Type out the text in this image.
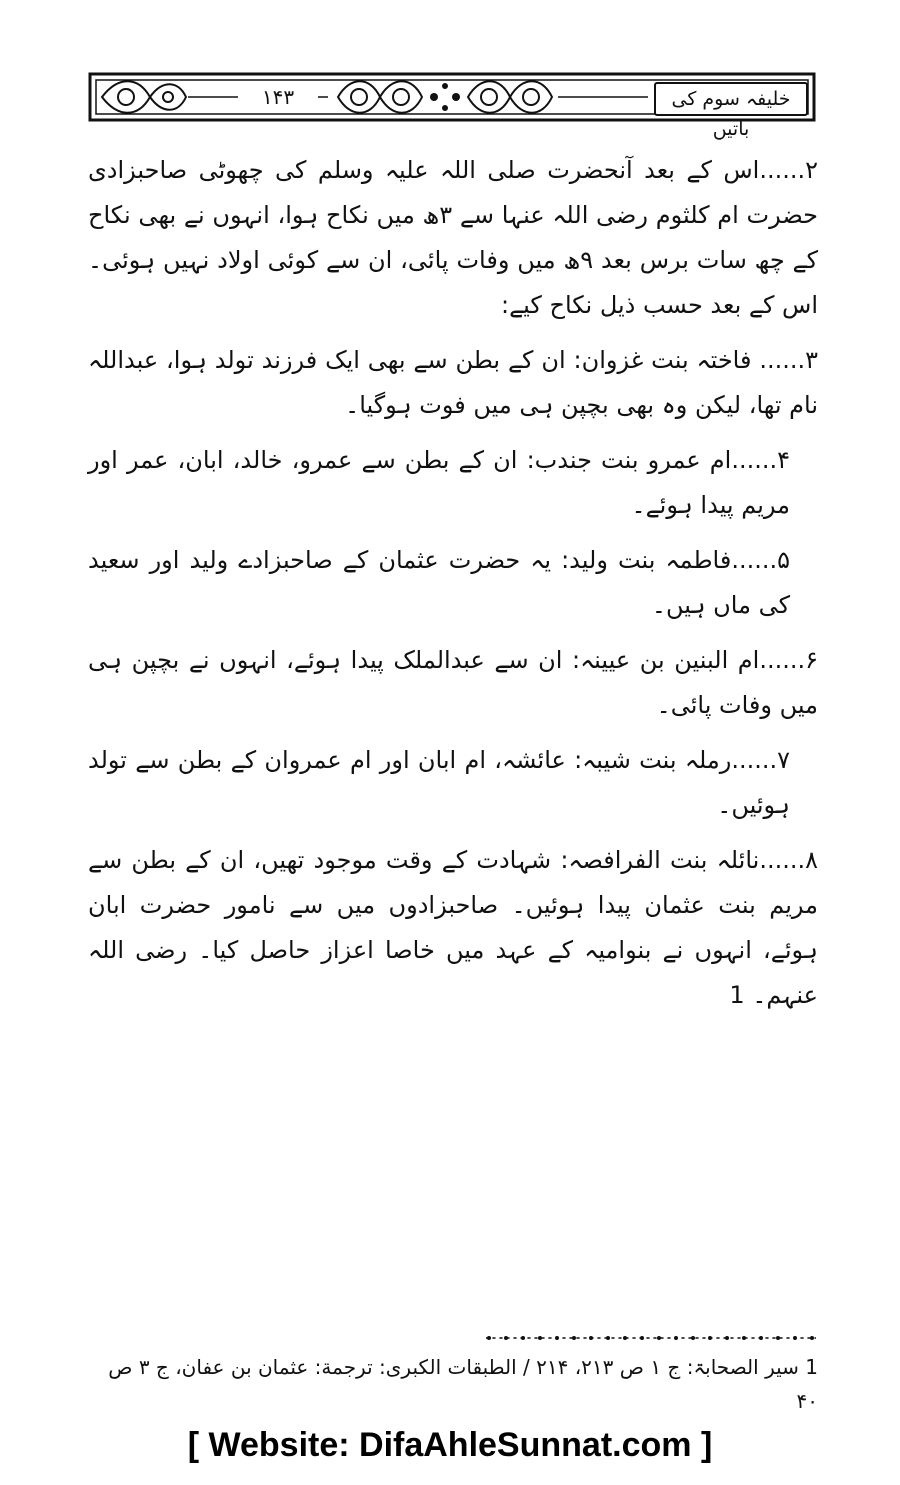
۱۴۳	خلیفہ سوم کی باتیں

۲......اس کے بعد آنحضرت صلی اللہ علیہ وسلم کی چھوٹی صاحبزادی حضرت ام کلثوم رضی اللہ عنہا سے ۳ھ میں نکاح ہوا، انہوں نے بھی نکاح کے چھ سات برس بعد ۹ھ میں وفات پائی، ان سے کوئی اولاد نہیں ہوئی۔ اس کے بعد حسب ذیل نکاح کیے:

۳...... فاختہ بنت غزوان: ان کے بطن سے بھی ایک فرزند تولد ہوا، عبداللہ نام تھا، لیکن وہ بھی بچپن ہی میں فوت ہوگیا۔

۴......ام عمرو بنت جندب: ان کے بطن سے عمرو، خالد، ابان، عمر اور مریم پیدا ہوئے۔

۵......فاطمہ بنت ولید: یہ حضرت عثمان کے صاحبزادے ولید اور سعید کی ماں ہیں۔

۶......ام البنین بن عیینہ: ان سے عبدالملک پیدا ہوئے، انہوں نے بچپن ہی میں وفات پائی۔

۷......رملہ بنت شیبہ: عائشہ، ام ابان اور ام عمروان کے بطن سے تولد ہوئیں۔

۸......نائلہ بنت الفرافصہ: شہادت کے وقت موجود تھیں، ان کے بطن سے مریم بنت عثمان پیدا ہوئیں۔ صاحبزادوں میں سے نامور حضرت ابان ہوئے، انہوں نے بنوامیہ کے عہد میں خاصا اعزاز حاصل کیا۔ رضی اللہ عنہم۔ 1

1 سیر الصحابۃ: ج ۱ ص ۲۱۳، ۲۱۴ / الطبقات الكبرى: ترجمة: عثمان بن عفان، ج ۳ ص ۴۰
[ Website: DifaAhleSunnat.com ]
